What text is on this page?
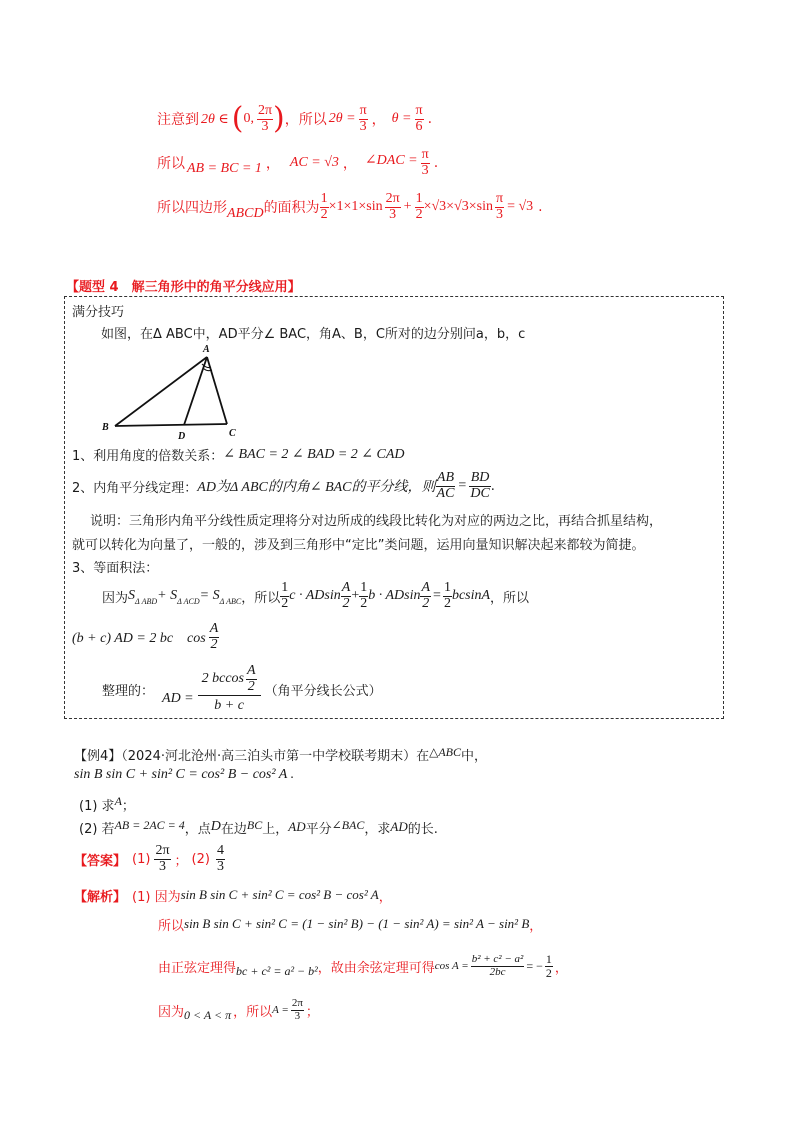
注意到 2θ ∈ ( 0, $\frac{2\pi}{3}$ ) ，所以 $2\theta = \frac{\pi}{3}$ ， $\theta = \frac{\pi}{6}$ .
所以 AB = BC = 1 ， AC = √3 ， ∠DAC = $\frac{\pi}{3}$ .
所以四边形 ABCD 的面积为 $\frac{1}{2} \times 1\times 1\times\sin \frac{2\pi}{3} + \frac{1}{2} \times√3\times√3\times\sin \frac{\pi}{3} = √3$ .
【题型 4　解三角形中的角平分线应用】
满分技巧
如图，在Δ ABC中，AD平分∠ BAC，角A、B，C所对的边分别问a，b，c
A
B
C
D
1、利用角度的倍数关系： ∠ BAC = 2 ∠ BAD = 2 ∠ CAD
2、内角平分线定理： AD为Δ ABC的内角∠ BAC的平分线，则 $\frac{AB}{AC} = \frac{BD}{DC}$ .
说明：三角形内角平分线性质定理将分对边所成的线段比转化为对应的两边之比，再结合抓星结构，
就可以转化为向量了，一般的，涉及到三角形中“定比”类问题，运用向量知识解决起来都较为简捷。
3、等面积法：
因为 S Δ ABD + S Δ ACD = S Δ ABC ，所以 $\frac{1}{2}$ c · ADsin $\frac{A}{2} + \frac{1}{2}$ b · ADsin $\frac{A}{2} = \frac{1}{2}$ bcsinA ，所以
(b + c) AD = 2 bc　$\cos \frac{A}{2}$
整理的： AD = $\frac{2 bccos \frac{A}{2}}{b + c}$ （角平分线长公式）
【例4】（2024·河北沧州·高三泊头市第一中学校联考期末）在 △ABC 中，
sin B sin C + sin² C = cos² B − cos² A .
(1) 求 A ；
(2) 若 AB = 2AC = 4 ，点 D 在边 BC 上， AD 平分 ∠BAC ，求 AD 的长.
【答案】 $(1) \frac{2\pi}{3}$ ； $(2) \frac{4}{3}$
【解析】 (1) 因为 sin B sin C + sin² C = cos² B − cos² A ，
所以 sin B sin C + sin² C = (1 − sin² B) − (1 − sin² A) = sin² A − sin² B ，
由正弦定理得 bc + c² = a² − b² ，故由余弦定理可得 $\cos A = \frac{\text{b² + c² − a²}}{2bc}$ = − $\frac{1}{2}$ ，
因为 0 < A < π ，所以 $A = \frac{2\pi}{3}$ ；
